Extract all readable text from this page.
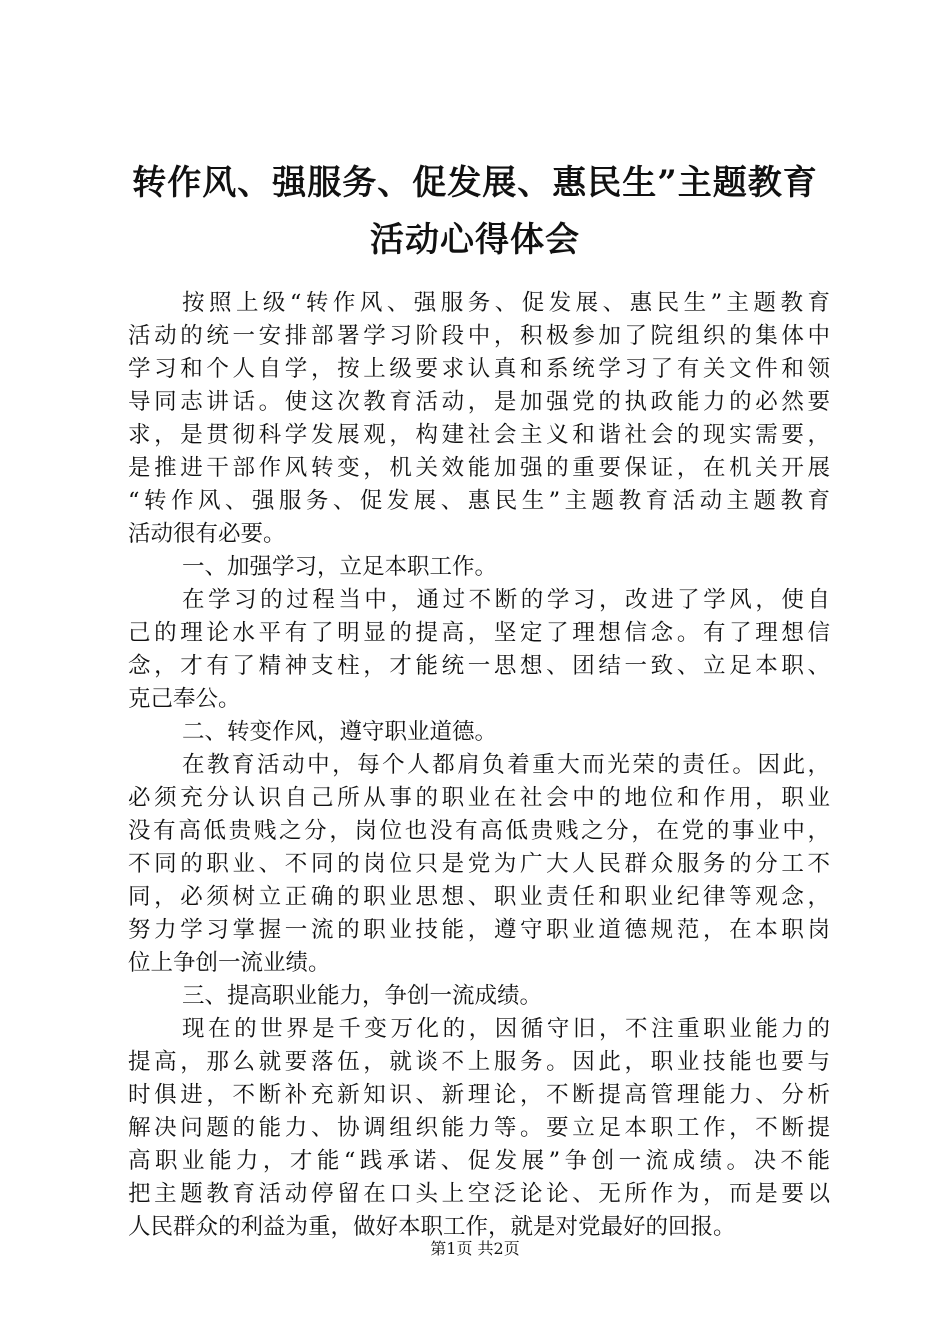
转作风、强服务、促发展、惠民生”主题教育
活动心得体会
按照上级“转作风、强服务、促发展、惠民生”主题教育
活动的统一安排部署学习阶段中，积极参加了院组织的集体中
学习和个人自学，按上级要求认真和系统学习了有关文件和领
导同志讲话。使这次教育活动，是加强党的执政能力的必然要
求，是贯彻科学发展观，构建社会主义和谐社会的现实需要，
是推进干部作风转变，机关效能加强的重要保证，在机关开展
“转作风、强服务、促发展、惠民生”主题教育活动主题教育
活动很有必要。
一、加强学习，立足本职工作。
在学习的过程当中，通过不断的学习，改进了学风，使自
己的理论水平有了明显的提高，坚定了理想信念。有了理想信
念，才有了精神支柱，才能统一思想、团结一致、立足本职、
克己奉公。
二、转变作风，遵守职业道德。
在教育活动中，每个人都肩负着重大而光荣的责任。因此，
必须充分认识自己所从事的职业在社会中的地位和作用，职业
没有高低贵贱之分，岗位也没有高低贵贱之分，在党的事业中，
不同的职业、不同的岗位只是党为广大人民群众服务的分工不
同，必须树立正确的职业思想、职业责任和职业纪律等观念，
努力学习掌握一流的职业技能，遵守职业道德规范，在本职岗
位上争创一流业绩。
三、提高职业能力，争创一流成绩。
现在的世界是千变万化的，因循守旧，不注重职业能力的
提高，那么就要落伍，就谈不上服务。因此，职业技能也要与
时俱进，不断补充新知识、新理论，不断提高管理能力、分析
解决问题的能力、协调组织能力等。要立足本职工作，不断提
高职业能力，才能“践承诺、促发展”争创一流成绩。决不能
把主题教育活动停留在口头上空泛论论、无所作为，而是要以
人民群众的利益为重，做好本职工作，就是对党最好的回报。
第1页 共2页
